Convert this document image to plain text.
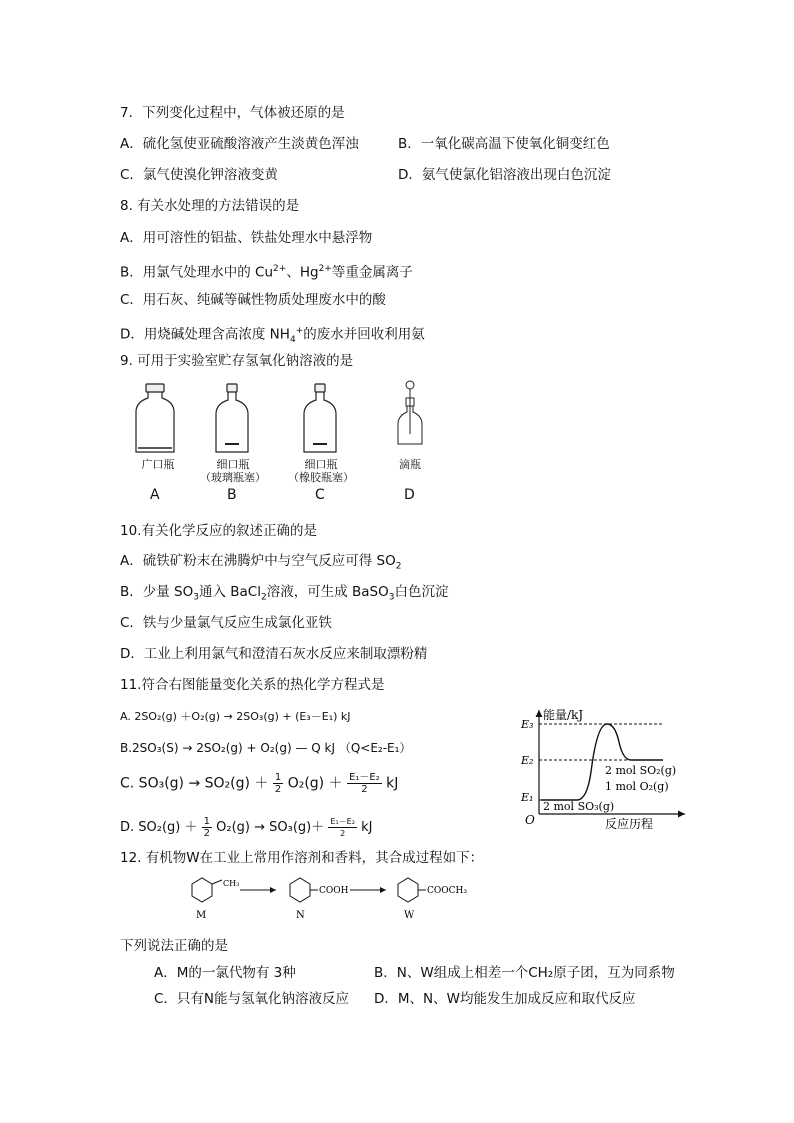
7．下列变化过程中，气体被还原的是
A．硫化氢使亚硫酸溶液产生淡黄色浑浊	B．一氧化碳高温下使氧化铜变红色
C．氯气使溴化钾溶液变黄	D．氨气使氯化铝溶液出现白色沉淀
8. 有关水处理的方法错误的是
A．用可溶性的铝盐、铁盐处理水中悬浮物
B．用氯气处理水中的 $Cu^{2+}$、$Hg^{2+}$等重金属离子
C．用石灰、纯碱等碱性物质处理废水中的酸
D．用烧碱处理含高浓度 $NH_4^+$的废水并回收利用氨
9. 可用于实验室贮存氢氧化钠溶液的是
广口瓶	细口瓶
（玻璃瓶塞）
细口瓶
（橡胶瓶塞）
滴瓶
A	B	C	D
10.有关化学反应的叙述正确的是
A．硫铁矿粉末在沸腾炉中与空气反应可得 $SO_2$
B．少量 $SO_3$通入 BaCl$_2$溶液，可生成 BaSO$_3$白色沉淀
C．铁与少量氯气反应生成氯化亚铁
D．工业上利用氯气和澄清石灰水反应来制取漂粉精
11.符合右图能量变化关系的热化学方程式是
A. 2SO₂(g) ＋O₂(g) → 2SO₃(g) + (E₃－E₁) kJ
B.2SO₃(S) → 2SO₂(g) + O₂(g) — Q kJ （Q<E₂-E₁）
C. $SO_3(g) \to SO_2(g) + \frac{1}{2} O_2(g) + \frac{\text{E₁－E₂}}{2}$ kJ
D. $SO_2(g) + \frac{1}{2} O_2(g) \to SO_3(g)+ \frac{\text{E₁－E₂}}{2}$ kJ
能量/kJ
E₃
E₂
E₁
O
2 mol SO₂(g)
1 mol O₂(g)
2 mol SO₃(g)
反应历程
12. 有机物W在工业上常用作溶剂和香料，其合成过程如下：
CH₃
COOH	COOCH₃
M	N	W
下列说法正确的是
A．M的一氯代物有 3种	B．N、W组成上相差一个CH₂原子团，互为同系物
C．只有N能与氢氧化钠溶液反应 D．M、N、W均能发生加成反应和取代反应
